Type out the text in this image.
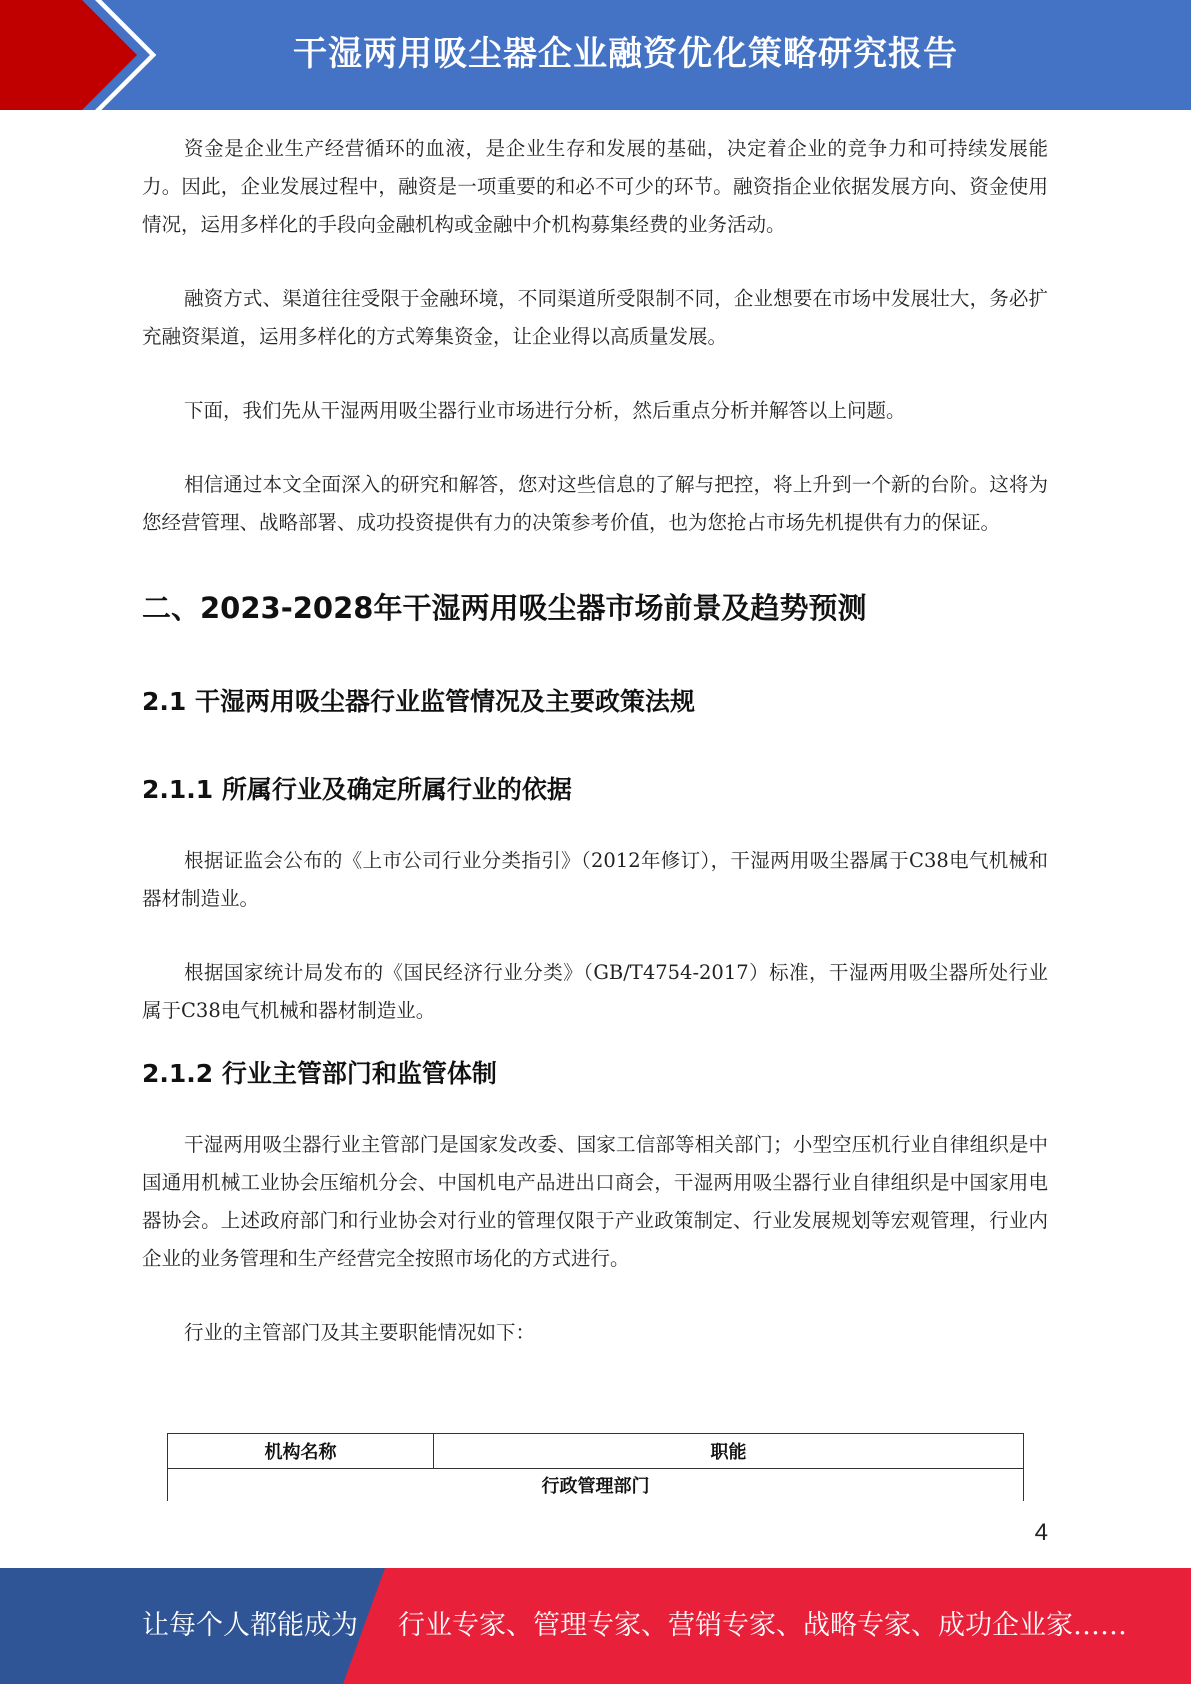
干湿两用吸尘器企业融资优化策略研究报告

资金是企业生产经营循环的血液，是企业生存和发展的基础，决定着企业的竞争力和可持续发展能力。因此，企业发展过程中，融资是一项重要的和必不可少的环节。融资指企业依据发展方向、资金使用情况，运用多样化的手段向金融机构或金融中介机构募集经费的业务活动。

融资方式、渠道往往受限于金融环境，不同渠道所受限制不同，企业想要在市场中发展壮大，务必扩充融资渠道，运用多样化的方式筹集资金，让企业得以高质量发展。

下面，我们先从干湿两用吸尘器行业市场进行分析，然后重点分析并解答以上问题。

相信通过本文全面深入的研究和解答，您对这些信息的了解与把控，将上升到一个新的台阶。这将为您经营管理、战略部署、成功投资提供有力的决策参考价值，也为您抢占市场先机提供有力的保证。

二、2023-2028年干湿两用吸尘器市场前景及趋势预测
2.1 干湿两用吸尘器行业监管情况及主要政策法规
2.1.1 所属行业及确定所属行业的依据

根据证监会公布的《上市公司行业分类指引》（2012年修订），干湿两用吸尘器属于C38电气机械和器材制造业。

根据国家统计局发布的《国民经济行业分类》（GB/T4754-2017）标准，干湿两用吸尘器所处行业属于C38电气机械和器材制造业。

2.1.2 行业主管部门和监管体制

干湿两用吸尘器行业主管部门是国家发改委、国家工信部等相关部门；小型空压机行业自律组织是中国通用机械工业协会压缩机分会、中国机电产品进出口商会，干湿两用吸尘器行业自律组织是中国家用电器协会。上述政府部门和行业协会对行业的管理仅限于产业政策制定、行业发展规划等宏观管理，行业内企业的业务管理和生产经营完全按照市场化的方式进行。

行业的主管部门及其主要职能情况如下：

机构名称	职能
行政管理部门
4
让每个人都能成为 行业专家、管理专家、营销专家、战略专家、成功企业家……
